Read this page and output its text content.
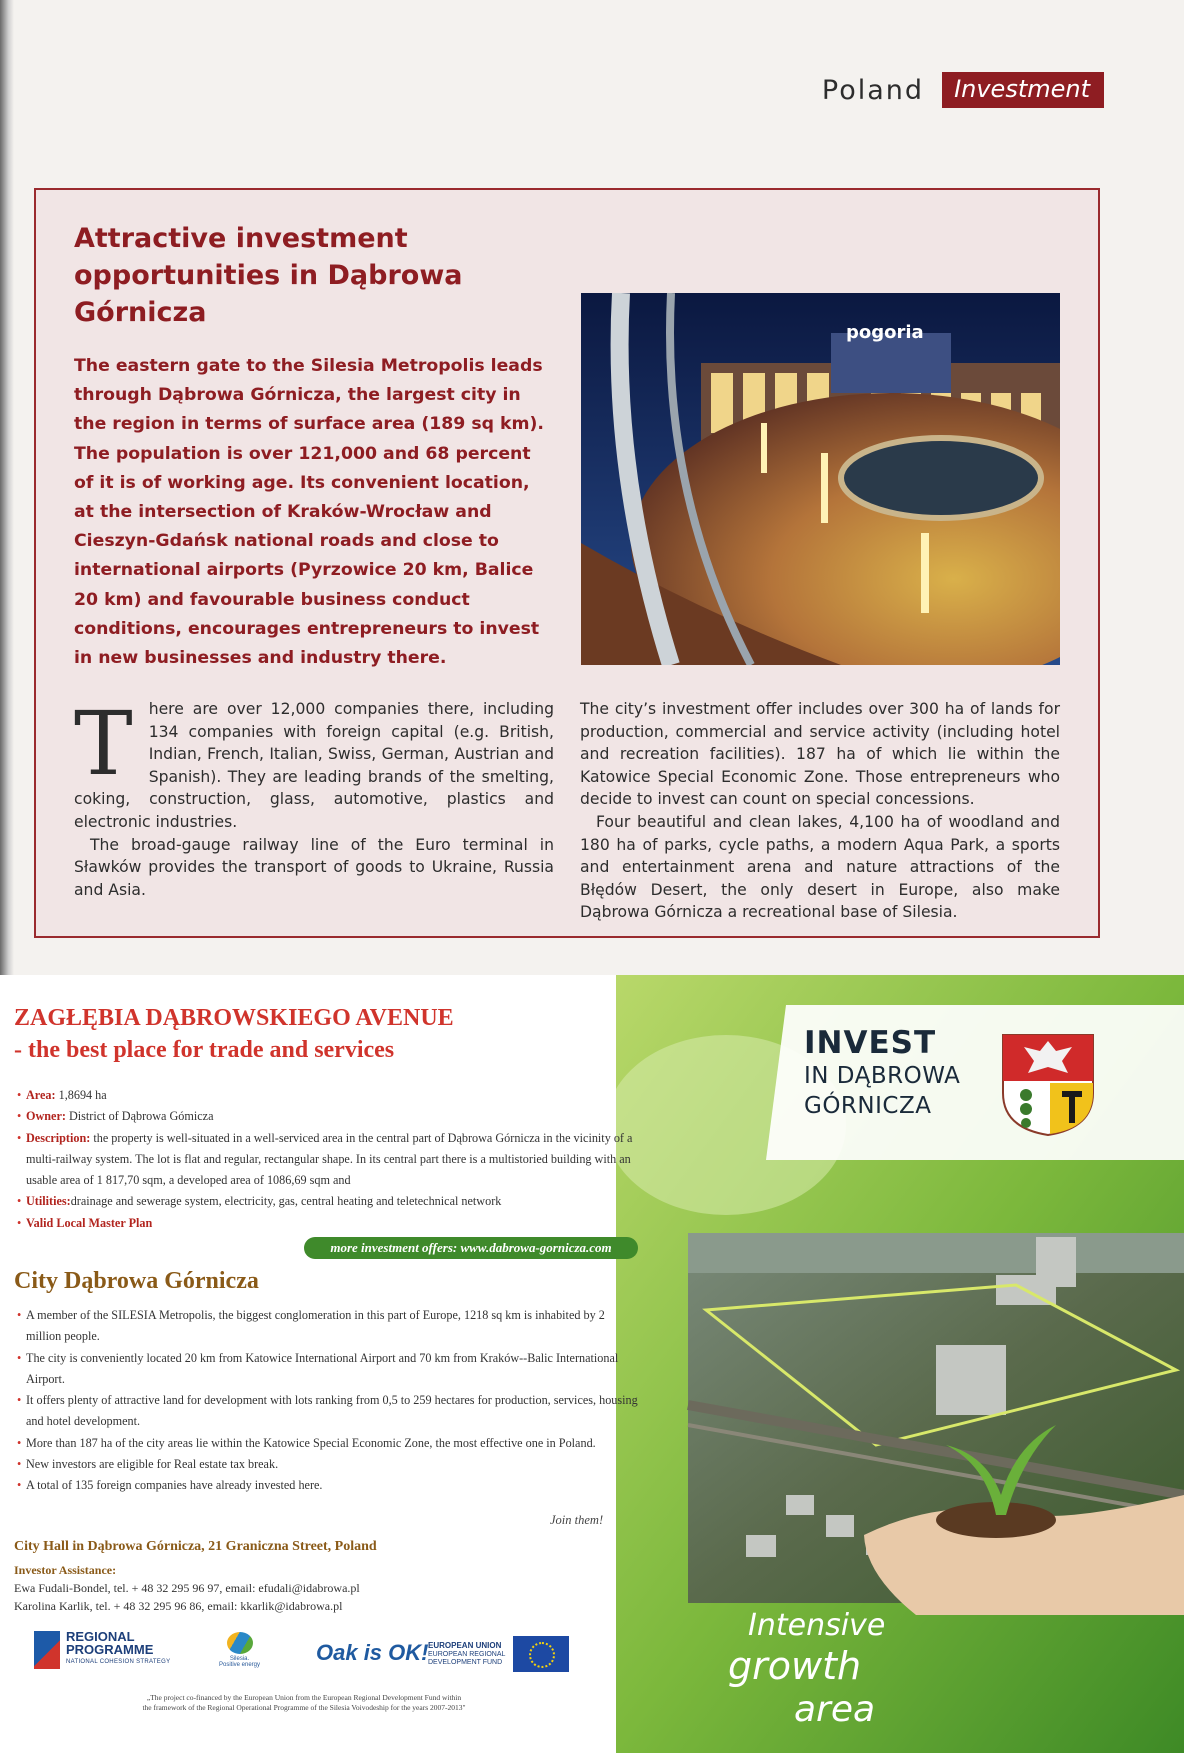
Poland	Investment
Attractive investment opportunities in Dąbrowa Górnicza

The eastern gate to the Silesia Metropolis leads through Dąbrowa Górnicza, the largest city in the region in terms of surface area (189 sq km). The population is over 121,000 and 68 percent of it is of working age. Its convenient location, at the intersection of Kraków-Wrocław and Cieszyn-Gdańsk national roads and close to international airports (Pyrzowice 20 km, Balice 20 km) and favourable business conduct conditions, encourages entrepreneurs to invest in new businesses and industry there.

pogoria
T	here are over 12,000 companies there, including 134 companies with foreign capital (e.g. British, Indian, French, Italian, Swiss, German, Austrian and Spanish). They are leading brands of the smelting, coking, construction, glass, automotive, plastics and electronic industries.

The broad-gauge railway line of the Euro terminal in Sławków provides the transport of goods to Ukraine, Russia and Asia.

The city’s investment offer includes over 300 ha of lands for production, commercial and service activity (including hotel and recreation facilities). 187 ha of which lie within the Katowice Special Economic Zone. Those entrepreneurs who decide to invest can count on special concessions.

Four beautiful and clean lakes, 4,100 ha of woodland and 180 ha of parks, cycle paths, a modern Aqua Park, a sports and entertainment arena and nature attractions of the Błędów Desert, the only desert in Europe, also make Dąbrowa Górnicza a recreational base of Silesia.

INVEST
IN DĄBROWA
GÓRNICZA
Intensive
growth
area
ZAGŁĘBIA DĄBROWSKIEGO AVENUE
- the best place for trade and services
• Area: 1,8694 ha
• Owner: District of Dąbrowa Gómicza
• Description: the property is well-situated in a well-serviced area in the central part of Dąbrowa Górnicza in the vicinity of a multi-railway system. The lot is flat and regular, rectangular shape. In its central part there is a multistoried building with an usable area of 1 817,70 sqm, a developed area of 1086,69 sqm and
• Utilities:drainage and sewerage system, electricity, gas, central heating and teletechnical network
• Valid Local Master Plan
more investment offers: www.dabrowa-gornicza.com
City Dąbrowa Górnicza
• A member of the SILESIA Metropolis, the biggest conglomeration in this part of Europe, 1218 sq km is inhabited by 2 million people.
• The city is conveniently located 20 km from Katowice International Airport and 70 km from Kraków--Balic International Airport.
• It offers plenty of attractive land for development with lots ranking from 0,5 to 259 hectares for production, services, housing and hotel development.
• More than 187 ha of the city areas lie within the Katowice Special Economic Zone, the most effective one in Poland.
• New investors are eligible for Real estate tax break.
• A total of 135 foreign companies have already invested here.
Join them!
City Hall in Dąbrowa Górnicza, 21 Graniczna Street, Poland
Investor Assistance:
Ewa Fudali-Bondel, tel. + 48 32 295 96 97, email: efudali@idabrowa.pl
Karolina Karlik, tel. + 48 32 295 96 86, email: kkarlik@idabrowa.pl
REGIONAL
PROGRAMME
NATIONAL COHESION STRATEGY	Silesia.
Positive energy	Oak is OK! EUROPEAN UNION
EUROPEAN REGIONAL
DEVELOPMENT FUND
„The project co-financed by the European Union from the European Regional Development Fund within
the framework of the Regional Operational Programme of the Silesia Voivodeship for the years 2007-2013"
